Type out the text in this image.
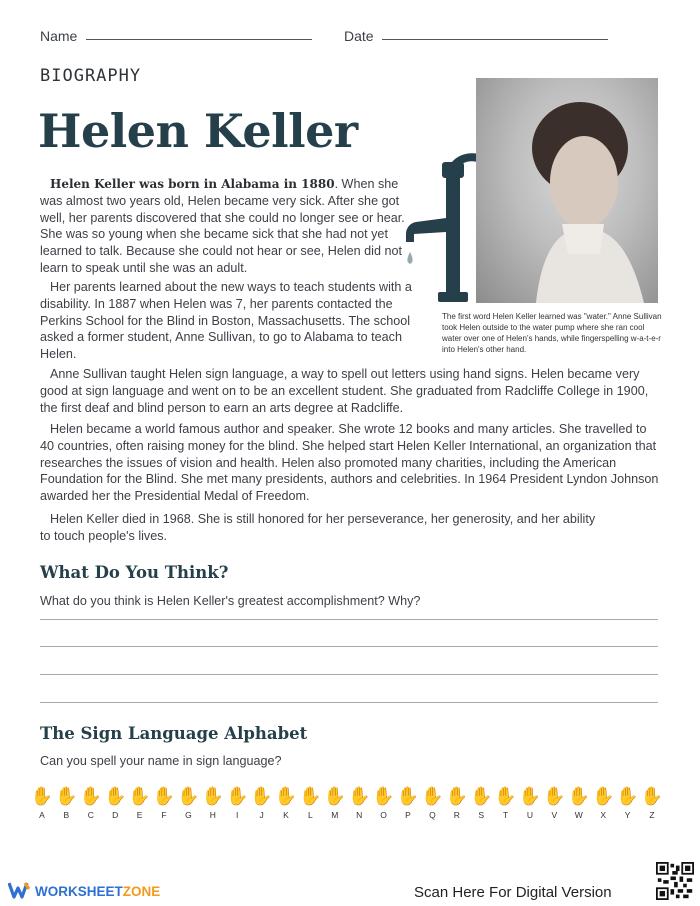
Name	Date
BIOGRAPHY
Helen Keller

Helen Keller was born in Alabama in 1880. When she was almost two years old, Helen became very sick. After she got well, her parents discovered that she could no longer see or hear. She was so young when she became sick that she had not yet learned to talk. Because she could not hear or see, Helen did not learn to speak until she was an adult.

Her parents learned about the new ways to teach students with a disability. In 1887 when Helen was 7, her parents contacted the Perkins School for the Blind in Boston, Massachusetts. The school asked a former student, Anne Sullivan, to go to Alabama to teach Helen.

The first word Helen Keller learned was "water." Anne Sullivan took Helen outside to the water pump where she ran cool water over one of Helen's hands, while fingerspelling w-a-t-e-r into Helen's other hand.

Anne Sullivan taught Helen sign language, a way to spell out letters using hand signs. Helen became very good at sign language and went on to be an excellent student. She graduated from Radcliffe College in 1900, the first deaf and blind person to earn an arts degree at Radcliffe.

Helen became a world famous author and speaker. She wrote 12 books and many articles. She travelled to 40 countries, often raising money for the blind. She helped start Helen Keller International, an organization that researches the issues of vision and health. Helen also promoted many charities, including the American Foundation for the Blind. She met many presidents, authors and celebrities. In 1964 President Lyndon Johnson awarded her the Presidential Medal of Freedom.

Helen Keller died in 1968. She is still honored for her perseverance, her generosity, and her ability to touch people's lives.

What Do You Think?
What do you think is Helen Keller's greatest accomplishment? Why?
The Sign Language Alphabet
Can you spell your name in sign language?
✋
A
✋
B
✋
C
✋
D
✋
E
✋
F
✋
G
✋
H
✋
I
✋
J
✋
K
✋
L
✋
M
✋
N
✋
O
✋
P
✋
Q
✋
R
✋
S
✋
T
✋
U
✋
V
✋
W
✋
X
✋
Y
✋
Z
WORKSHEETZONE	Scan Here For Digital Version
